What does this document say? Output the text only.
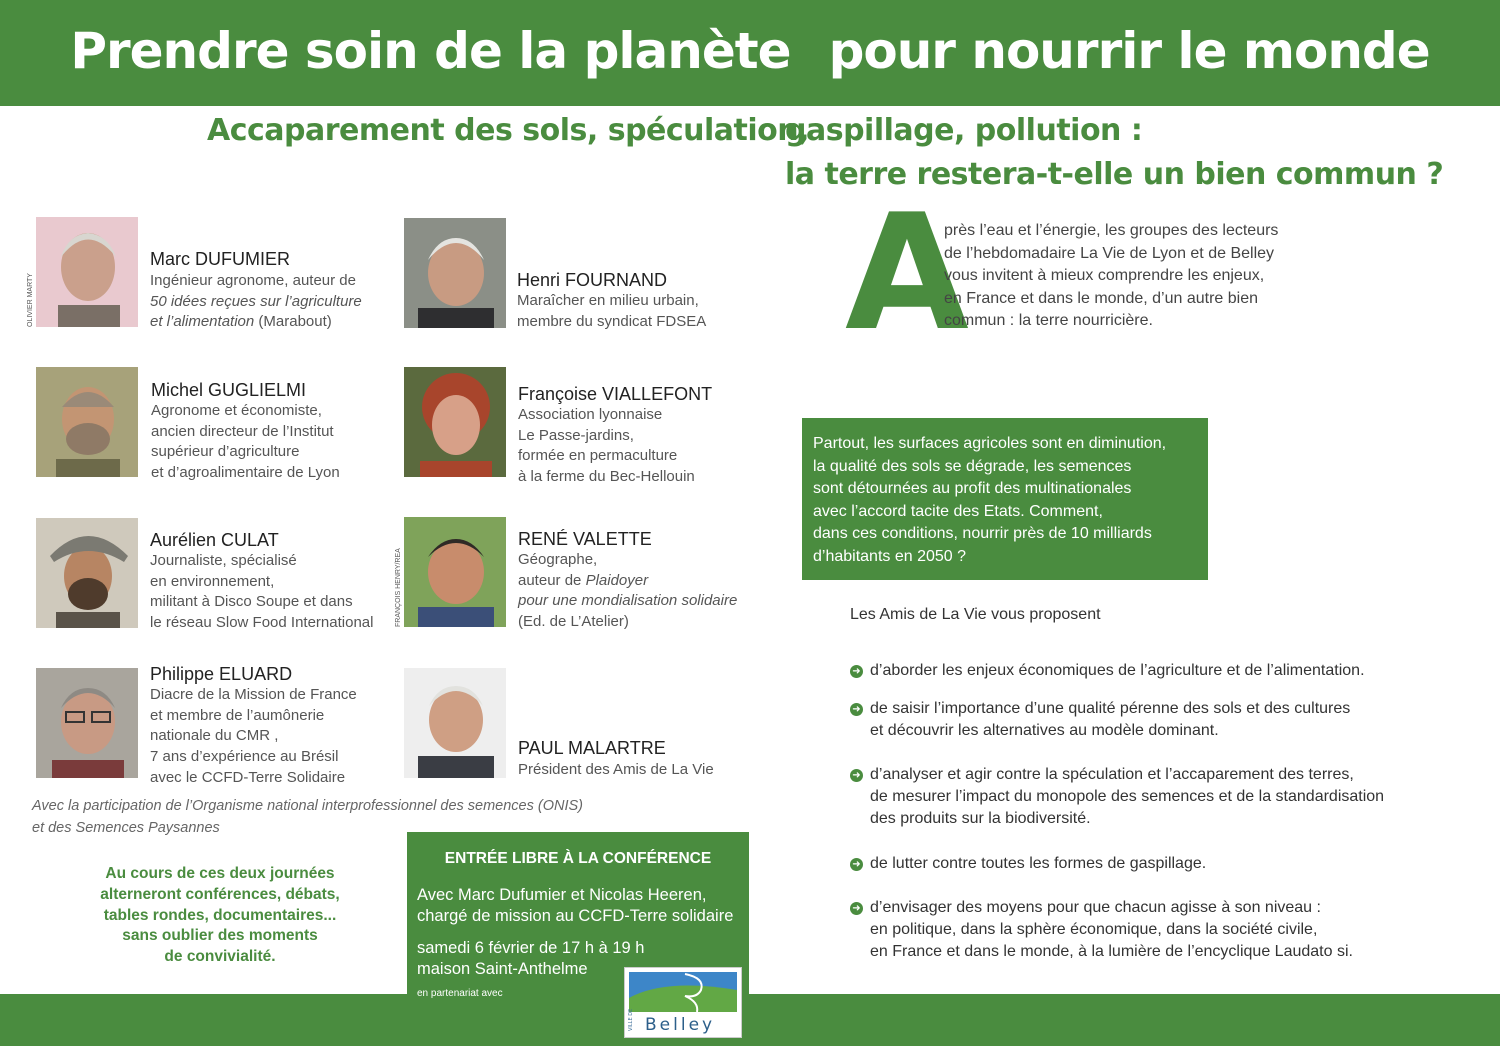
Prendre soin de la planète pour nourrir le monde
Accaparement des sols, spéculation,
gaspillage, pollution :
la terre restera-t-elle un bien commun ?
OLIVIER MARTY
FRANÇOIS HENRY/REA
Marc DUFUMIER
Ingénieur agronome, auteur de
50 idées reçues sur l’agriculture
et l’alimentation (Marabout)
Henri FOURNAND
Maraîcher en milieu urbain,
membre du syndicat FDSEA
Michel GUGLIELMI
Agronome et économiste,
ancien directeur de l’Institut
supérieur d’agriculture
et d’agroalimentaire de Lyon
Françoise VIALLEFONT
Association lyonnaise
Le Passe-jardins,
formée en permaculture
à la ferme du Bec-Hellouin
Aurélien CULAT
Journaliste, spécialisé
en environnement,
militant à Disco Soupe et dans
le réseau Slow Food International
RENÉ VALETTE
Géographe,
auteur de Plaidoyer
pour une mondialisation solidaire
(Ed. de L’Atelier)
Philippe ELUARD
Diacre de la Mission de France
et membre de l’aumônerie
nationale du CMR ,
7 ans d’expérience au Brésil
avec le CCFD-Terre Solidaire
PAUL MALARTRE
Président des Amis de La Vie
Avec la participation de l’Organisme national interprofessionnel des semences (ONIS)
et des Semences Paysannes
Au cours de ces deux journées
alterneront conférences, débats,
tables rondes, documentaires...
sans oublier des moments
de convivialité.
A
près l’eau et l’énergie, les groupes des lecteurs
de l’hebdomadaire La Vie de Lyon et de Belley
vous invitent à mieux comprendre les enjeux,
en France et dans le monde, d’un autre bien
commun : la terre nourricière.
Partout, les surfaces agricoles sont en diminution,
la qualité des sols se dégrade, les semences
sont détournées au profit des multinationales
avec l’accord tacite des Etats. Comment,
dans ces conditions, nourrir près de 10 milliards
d’habitants en 2050 ?
Les Amis de La Vie vous proposent
➜ d’aborder les enjeux économiques de l’agriculture et de l’alimentation.
➜ de saisir l’importance d’une qualité pérenne des sols et des cultures
et découvrir les alternatives au modèle dominant.
➜ d’analyser et agir contre la spéculation et l’accaparement des terres,
de mesurer l’impact du monopole des semences et de la standardisation
des produits sur la biodiversité.
➜ de lutter contre toutes les formes de gaspillage.
➜ d’envisager des moyens pour que chacun agisse à son niveau :
en politique, dans la sphère économique, dans la société civile,
en France et dans le monde, à la lumière de l’encyclique Laudato si.
ENTRÉE LIBRE À LA CONFÉRENCE
Avec Marc Dufumier et Nicolas Heeren,
chargé de mission au CCFD-Terre solidaire
samedi 6 février de 17 h à 19 h
maison Saint-Anthelme
en partenariat avec
VILLE DE Belley
